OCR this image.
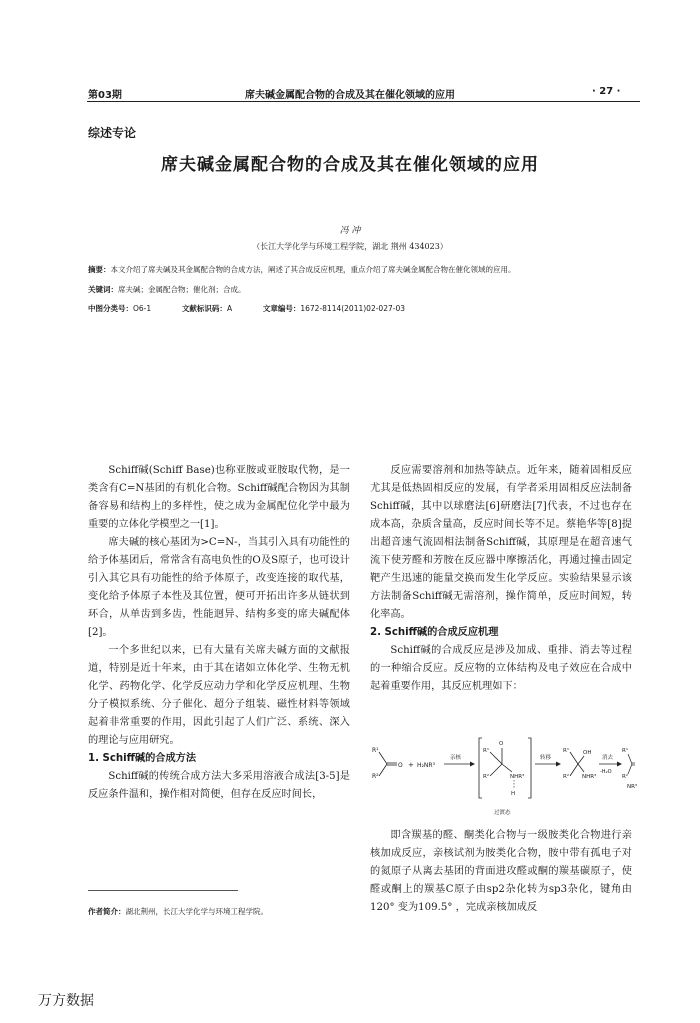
第03期	席夫碱金属配合物的合成及其在催化领域的应用	· 27 ·
综述专论
席夫碱金属配合物的合成及其在催化领域的应用
冯 冲
（长江大学化学与环境工程学院，湖北 荆州 434023）
摘要：本文介绍了席夫碱及其金属配合物的合成方法，阐述了其合成反应机理，重点介绍了席夫碱金属配合物在催化领域的应用。
关键词：席夫碱；金属配合物；催化剂；合成。
中图分类号：O6-1	文献标识码：A	文章编号：1672-8114(2011)02-027-03

Schiff碱(Schiff Base)也称亚胺或亚胺取代物，是一类含有C=N基团的有机化合物。Schiff碱配合物因为其制备容易和结构上的多样性，使之成为金属配位化学中最为重要的立体化学模型之一[1]。

席夫碱的核心基团为>C=N-，当其引入具有功能性的给予体基团后，常常含有高电负性的O及S原子，也可设计引入其它具有功能性的给予体原子，改变连接的取代基，变化给予体原子本性及其位置，便可开拓出许多从链状到环合，从单齿到多齿，性能迥异、结构多变的席夫碱配体[2]。

一个多世纪以来，已有大量有关席夫碱方面的文献报道，特别是近十年来，由于其在诸如立体化学、生物无机化学、药物化学、化学反应动力学和化学反应机理、生物分子模拟系统、分子催化、超分子组装、磁性材料等领域起着非常重要的作用，因此引起了人们广泛、系统、深入的理论与应用研究。

1. Schiff碱的合成方法

Schiff碱的传统合成方法大多采用溶液合成法[3-5]是反应条件温和，操作相对简便，但存在反应时间长，

反应需要溶剂和加热等缺点。近年来，随着固相反应尤其是低热固相反应的发展，有学者采用固相反应法制备Schiff碱，其中以球磨法[6]研磨法[7]代表，不过也存在成本高，杂质含量高，反应时间长等不足。蔡艳华等[8]提出超音速气流固相法制备Schiff碱，其原理是在超音速气流下使芳醛和芳胺在反应器中摩擦活化，再通过撞击固定靶产生迅速的能量交换而发生化学反应。实验结果显示该方法制备Schiff碱无需溶剂，操作简单，反应时间短，转化率高。

2. Schiff碱的合成反应机理

Schiff碱的合成反应是涉及加成、重排、消去等过程的一种缩合反应。反应物的立体结构及电子效应在合成中起着重要作用，其反应机理如下：

R¹
R²
O + H₂NR³
亲核
R¹
R²
O
NHR³
H
转移
R¹
R²
OH
NHR³
消去
-H₂O
R¹
R²
NR³
过渡态

即含羰基的醛、酮类化合物与一级胺类化合物进行亲核加成反应，亲核试剂为胺类化合物，胺中带有孤电子对的氮原子从离去基团的背面进攻醛或酮的羰基碳原子，使醛或酮上的羰基C原子由sp2杂化转为sp3杂化，键角由120° 变为109.5° ，完成亲核加成反

作者简介：湖北荆州，长江大学化学与环境工程学院。
万方数据
